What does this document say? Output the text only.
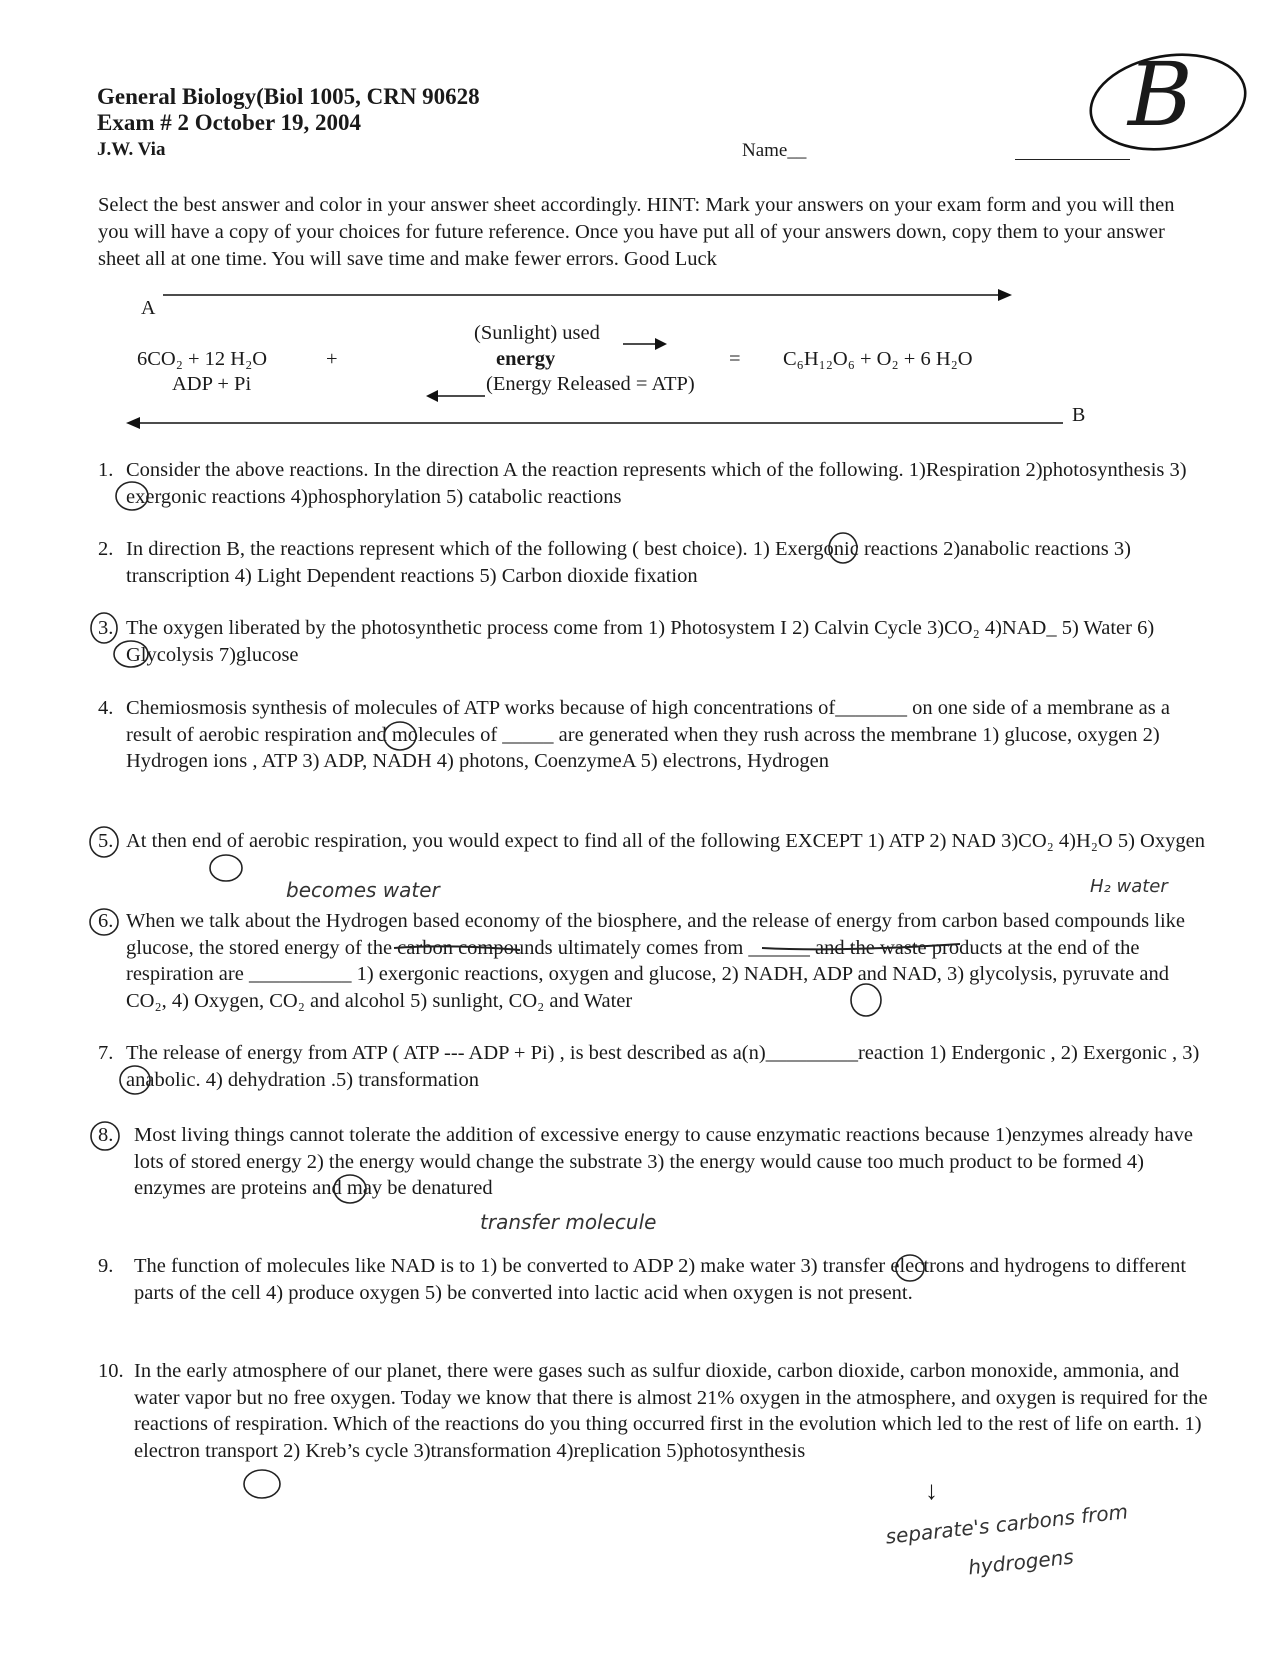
General Biology(Biol 1005, CRN 90628
Exam # 2 October 19, 2004
J.W. Via	Name__
B
Select the best answer and color in your answer sheet accordingly. HINT: Mark your answers on your exam form and you will then you will have a copy of your choices for future reference. Once you have put all of your answers down, copy them to your answer sheet all at one time. You will save time and make fewer errors. Good Luck
A
B
6CO₂ + 12 H₂O
ADP + Pi
+
(Sunlight) used
energy
(Energy Released = ATP)
= C₆H₁₂O₆ + O₂ + 6 H₂O
1. Consider the above reactions. In the direction A the reaction represents which of the following. 1)Respiration 2)photosynthesis 3) exergonic reactions 4)phosphorylation 5) catabolic reactions
2. In direction B, the reactions represent which of the following ( best choice). 1) Exergonic reactions 2)anabolic reactions 3) transcription 4) Light Dependent reactions 5) Carbon dioxide fixation
3. The oxygen liberated by the photosynthetic process come from 1) Photosystem I 2) Calvin Cycle 3)CO₂ 4)NAD_ 5) Water 6) Glycolysis 7)glucose
4. Chemiosmosis synthesis of molecules of ATP works because of high concentrations of_______ on one side of a membrane as a result of aerobic respiration and molecules of _____ are generated when they rush across the membrane 1) glucose, oxygen 2) Hydrogen ions , ATP 3) ADP, NADH 4) photons, CoenzymeA 5) electrons, Hydrogen
5. At then end of aerobic respiration, you would expect to find all of the following EXCEPT 1) ATP 2) NAD 3)CO₂ 4)H₂O 5) Oxygen
becomes water	H₂ water
6. When we talk about the Hydrogen based economy of the biosphere, and the release of energy from carbon based compounds like glucose, the stored energy of the carbon compounds ultimately comes from ______ and the waste products at the end of the respiration are __________ 1) exergonic reactions, oxygen and glucose, 2) NADH, ADP and NAD, 3) glycolysis, pyruvate and CO₂, 4) Oxygen, CO₂ and alcohol 5) sunlight, CO₂ and Water
7. The release of energy from ATP ( ATP --- ADP + Pi) , is best described as a(n)_________reaction 1) Endergonic , 2) Exergonic , 3) anabolic. 4) dehydration .5) transformation
8. Most living things cannot tolerate the addition of excessive energy to cause enzymatic reactions because 1)enzymes already have lots of stored energy 2) the energy would change the substrate 3) the energy would cause too much product to be formed 4) enzymes are proteins and may be denatured
transfer molecule
9. The function of molecules like NAD is to 1) be converted to ADP 2) make water 3) transfer electrons and hydrogens to different parts of the cell 4) produce oxygen 5) be converted into lactic acid when oxygen is not present.
10. In the early atmosphere of our planet, there were gases such as sulfur dioxide, carbon dioxide, carbon monoxide, ammonia, and water vapor but no free oxygen. Today we know that there is almost 21% oxygen in the atmosphere, and oxygen is required for the reactions of respiration. Which of the reactions do you thing occurred first in the evolution which led to the rest of life on earth. 1) electron transport 2) Kreb’s cycle 3)transformation 4)replication 5)photosynthesis
↓
separate's carbons from
hydrogens
